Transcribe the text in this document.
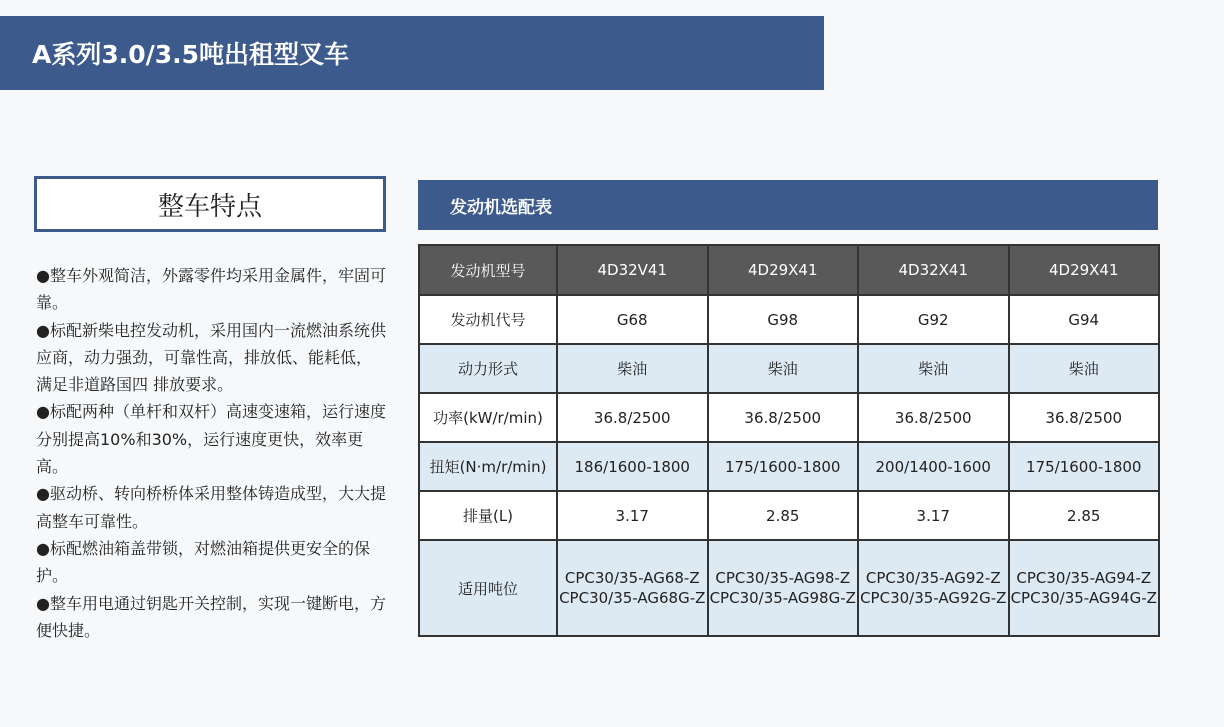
A系列3.0/3.5吨出租型叉车
整车特点
● 整车外观简洁，外露零件均采用金属件，牢固可靠。
● 标配新柴电控发动机，采用国内一流燃油系统供应商，动力强劲，可靠性高，排放低、能耗低，满足非道路国四 排放要求。
● 标配两种（单杆和双杆）高速变速箱，运行速度分别提高10%和30%，运行速度更快，效率更高。
● 驱动桥、转向桥桥体采用整体铸造成型，大大提高整车可靠性。
● 标配燃油箱盖带锁，对燃油箱提供更安全的保护。
● 整车用电通过钥匙开关控制，实现一键断电，方便快捷。
发动机选配表
发动机型号	4D32V41	4D29X41	4D32X41	4D29X41
发动机代号	G68	G98	G92	G94
动力形式	柴油	柴油	柴油	柴油
功率(kW/r/min)	36.8/2500	36.8/2500	36.8/2500	36.8/2500
扭矩(N·m/r/min)	186/1600-1800	175/1600-1800	200/1400-1600	175/1600-1800
排量(L)	3.17	2.85	3.17	2.85
适用吨位	CPC30/35-AG68-Z
CPC30/35-AG68G-Z	CPC30/35-AG98-Z
CPC30/35-AG98G-Z	CPC30/35-AG92-Z
CPC30/35-AG92G-Z	CPC30/35-AG94-Z
CPC30/35-AG94G-Z
